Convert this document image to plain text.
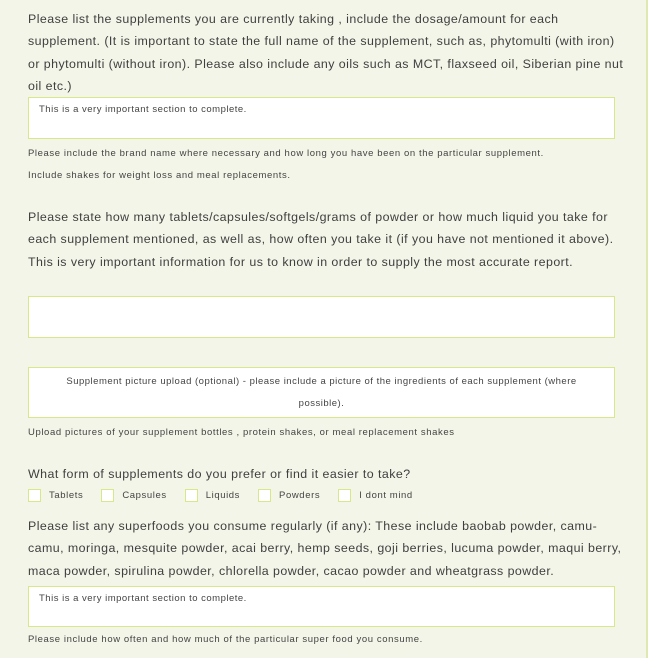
Please list the supplements you are currently taking , include the dosage/amount for each supplement. (It is important to state the full name of the supplement, such as, phytomulti (with iron) or phytomulti (without iron). Please also include any oils such as MCT, flaxseed oil, Siberian pine nut oil etc.)
This is a very important section to complete.
Please include the brand name where necessary and how long you have been on the particular supplement.
Include shakes for weight loss and meal replacements.
Please state how many tablets/capsules/softgels/grams of powder or how much liquid you take for each supplement mentioned, as well as, how often you take it (if you have not mentioned it above). This is very important information for us to know in order to supply the most accurate report.
Supplement picture upload (optional) - please include a picture of the ingredients of each supplement (where possible).
Upload pictures of your supplement bottles , protein shakes, or meal replacement shakes
What form of supplements do you prefer or find it easier to take?
Tablets	Capsules	Liquids	Powders	I dont mind
Please list any superfoods you consume regularly (if any): These include baobab powder, camu-camu, moringa, mesquite powder, acai berry, hemp seeds, goji berries, lucuma powder, maqui berry, maca powder, spirulina powder, chlorella powder, cacao powder and wheatgrass powder.
This is a very important section to complete.
Please include how often and how much of the particular super food you consume.
